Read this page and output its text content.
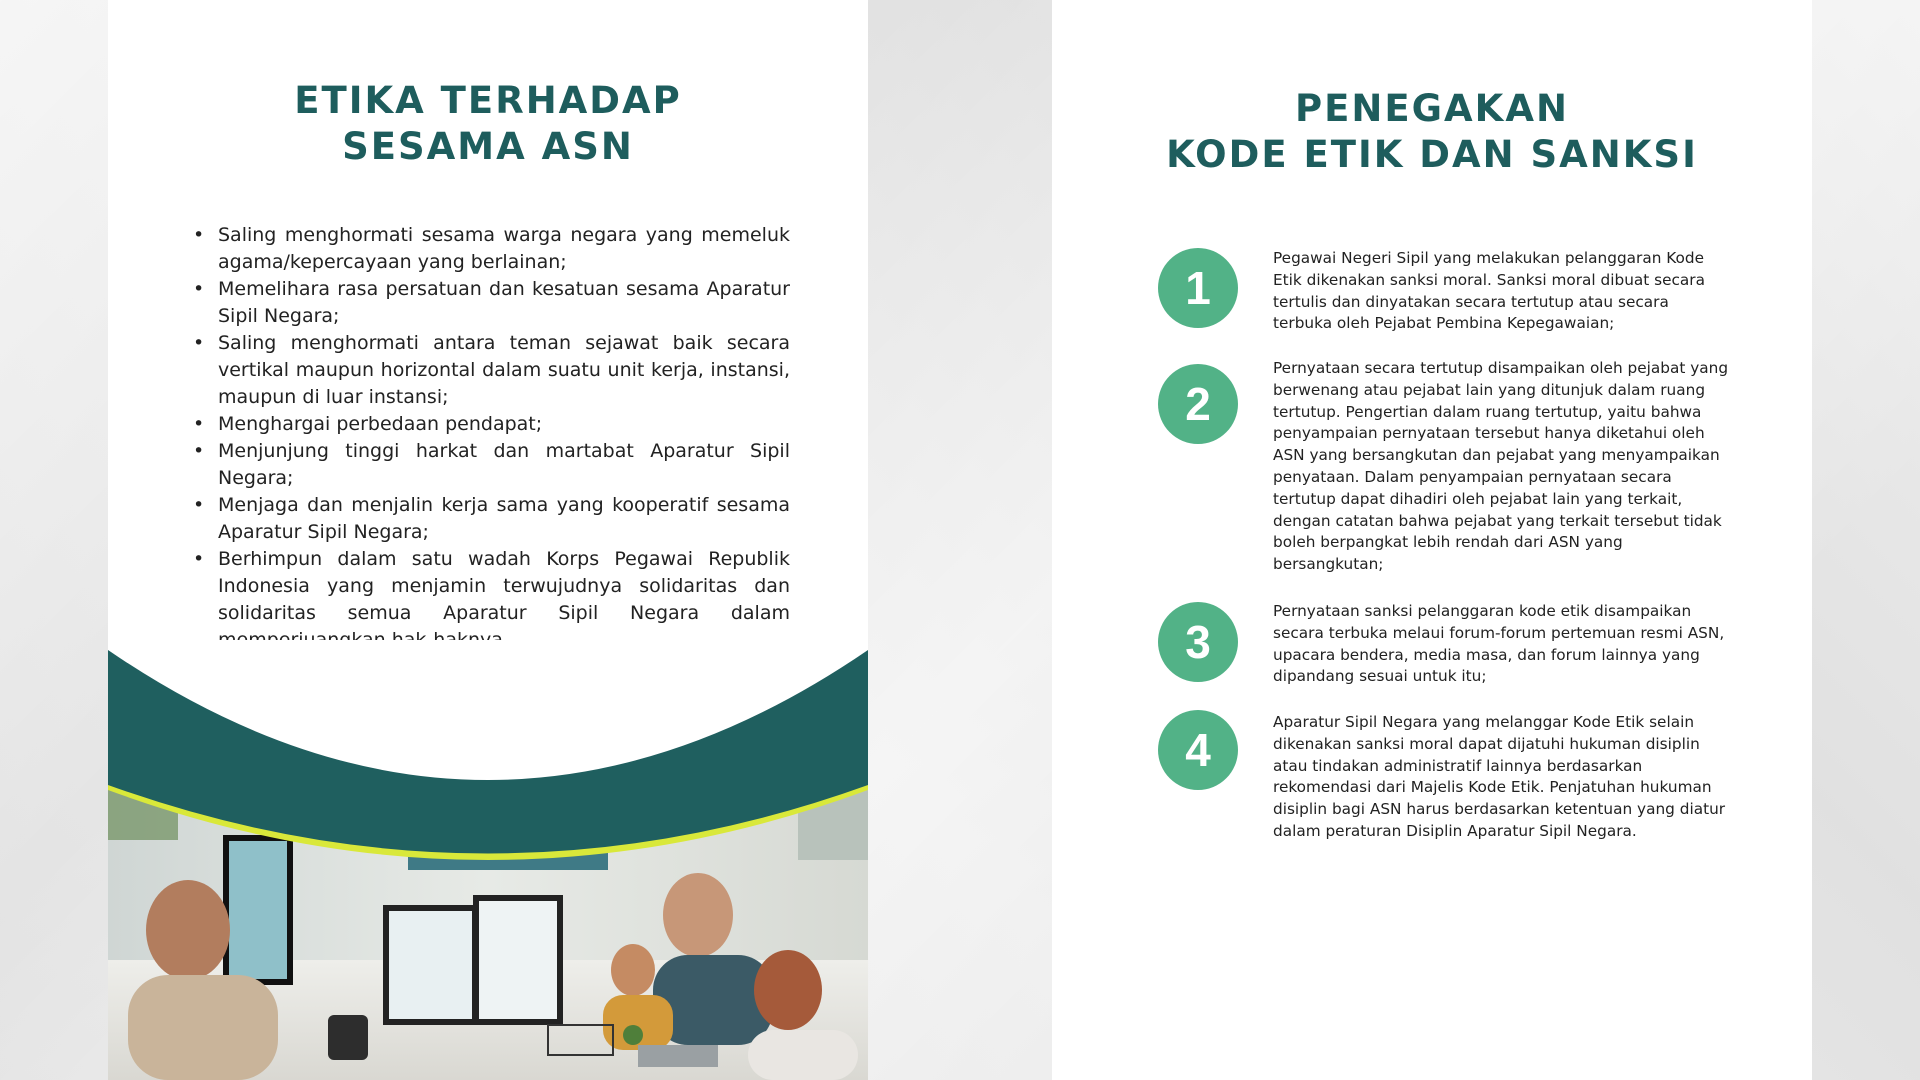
ETIKA TERHADAP
SESAMA ASN
• Saling menghormati sesama warga negara yang memeluk agama/kepercayaan yang berlainan;
• Memelihara rasa persatuan dan kesatuan sesama Aparatur Sipil Negara;
• Saling menghormati antara teman sejawat baik secara vertikal maupun horizontal dalam suatu unit kerja, instansi, maupun di luar instansi;
• Menghargai perbedaan pendapat;
• Menjunjung tinggi harkat dan martabat Aparatur Sipil Negara;
• Menjaga dan menjalin kerja sama yang kooperatif sesama Aparatur Sipil Negara;
• Berhimpun dalam satu wadah Korps Pegawai Republik Indonesia yang menjamin terwujudnya solidaritas dan solidaritas semua Aparatur Sipil Negara dalam
PENEGAKAN
KODE ETIK DAN SANKSI
1

Pegawai Negeri Sipil yang melakukan pelanggaran Kode Etik dikenakan sanksi moral. Sanksi moral dibuat secara tertulis dan dinyatakan secara tertutup atau secara terbuka oleh Pejabat Pembina Kepegawaian;

2

Pernyataan secara tertutup disampaikan oleh pejabat yang berwenang atau pejabat lain yang ditunjuk dalam ruang tertutup. Pengertian dalam ruang tertutup, yaitu bahwa penyampaian pernyataan tersebut hanya diketahui oleh ASN yang bersangkutan dan pejabat yang menyampaikan penyataan. Dalam penyampaian pernyataan secara tertutup dapat dihadiri oleh pejabat lain yang terkait, dengan catatan bahwa pejabat yang terkait tersebut tidak boleh berpangkat lebih rendah dari ASN yang bersangkutan;

3

Pernyataan sanksi pelanggaran kode etik disampaikan secara terbuka melaui forum-forum pertemuan resmi ASN, upacara bendera, media masa, dan forum lainnya yang dipandang sesuai untuk itu;

4

Aparatur Sipil Negara yang melanggar Kode Etik selain dikenakan sanksi moral dapat dijatuhi hukuman disiplin atau tindakan administratif lainnya berdasarkan rekomendasi dari Majelis Kode Etik. Penjatuhan hukuman disiplin bagi ASN harus berdasarkan ketentuan yang diatur dalam peraturan Disiplin Aparatur Sipil Negara.
